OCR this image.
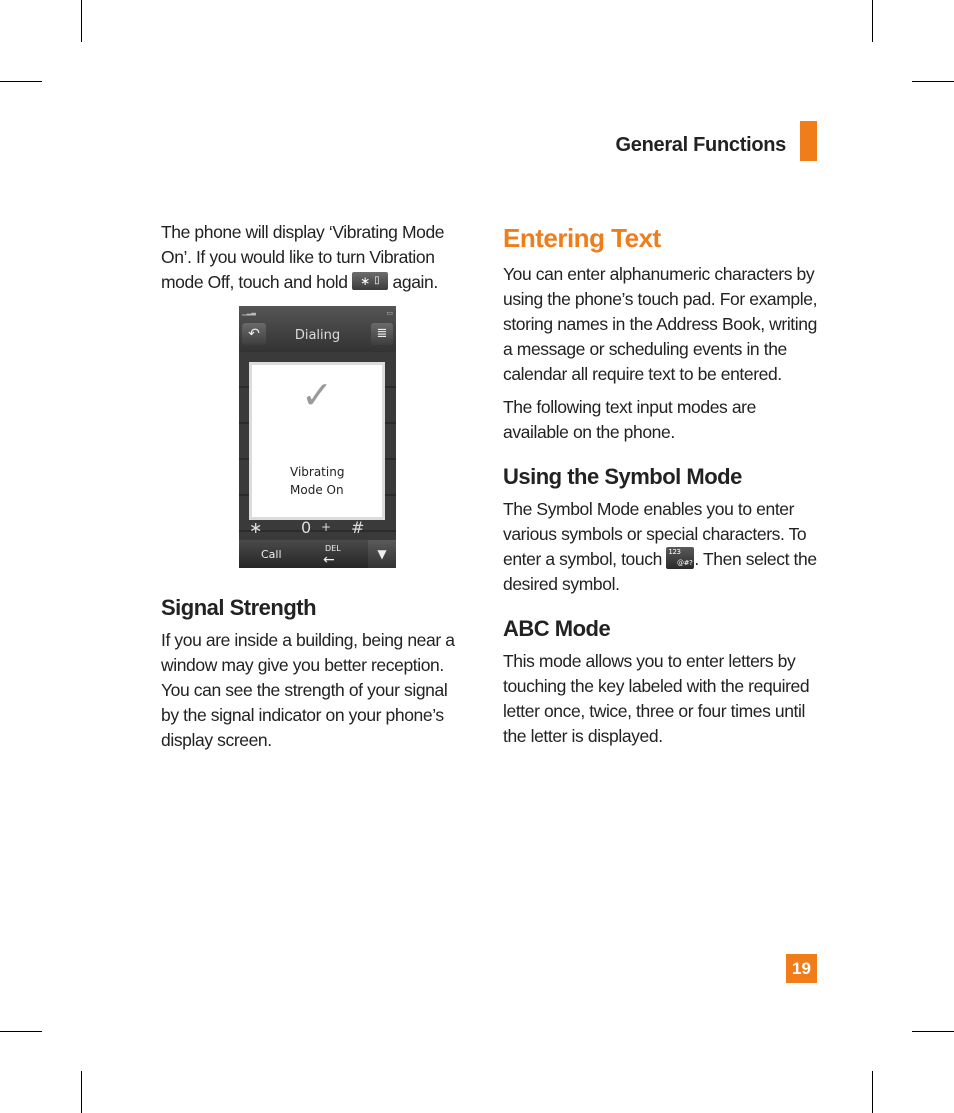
General Functions

The phone will display ‘Vibrating Mode On’. If you would like to turn Vibration mode Off, touch and hold ∗ ▯ again.

▁▂▃	▭
↶	Dialing	≣
✓
Vibrating
Mode On
∗ 0 + #
Call	DEL
←	▼
Signal Strength

If you are inside a building, being near a window may give you better reception. You can see the strength of your signal by the signal indicator on your phone’s display screen.

Entering Text

You can enter alphanumeric characters by using the phone’s touch pad. For example, storing names in the Address Book, writing a message or scheduling events in the calendar all require text to be entered.

The following text input modes are available on the phone.

Using the Symbol Mode

The Symbol Mode enables you to enter various symbols or special characters. To enter a symbol, touch 123
@#? . Then select the desired symbol.

ABC Mode

This mode allows you to enter letters by touching the key labeled with the required letter once, twice, three or four times until the letter is displayed.

19
